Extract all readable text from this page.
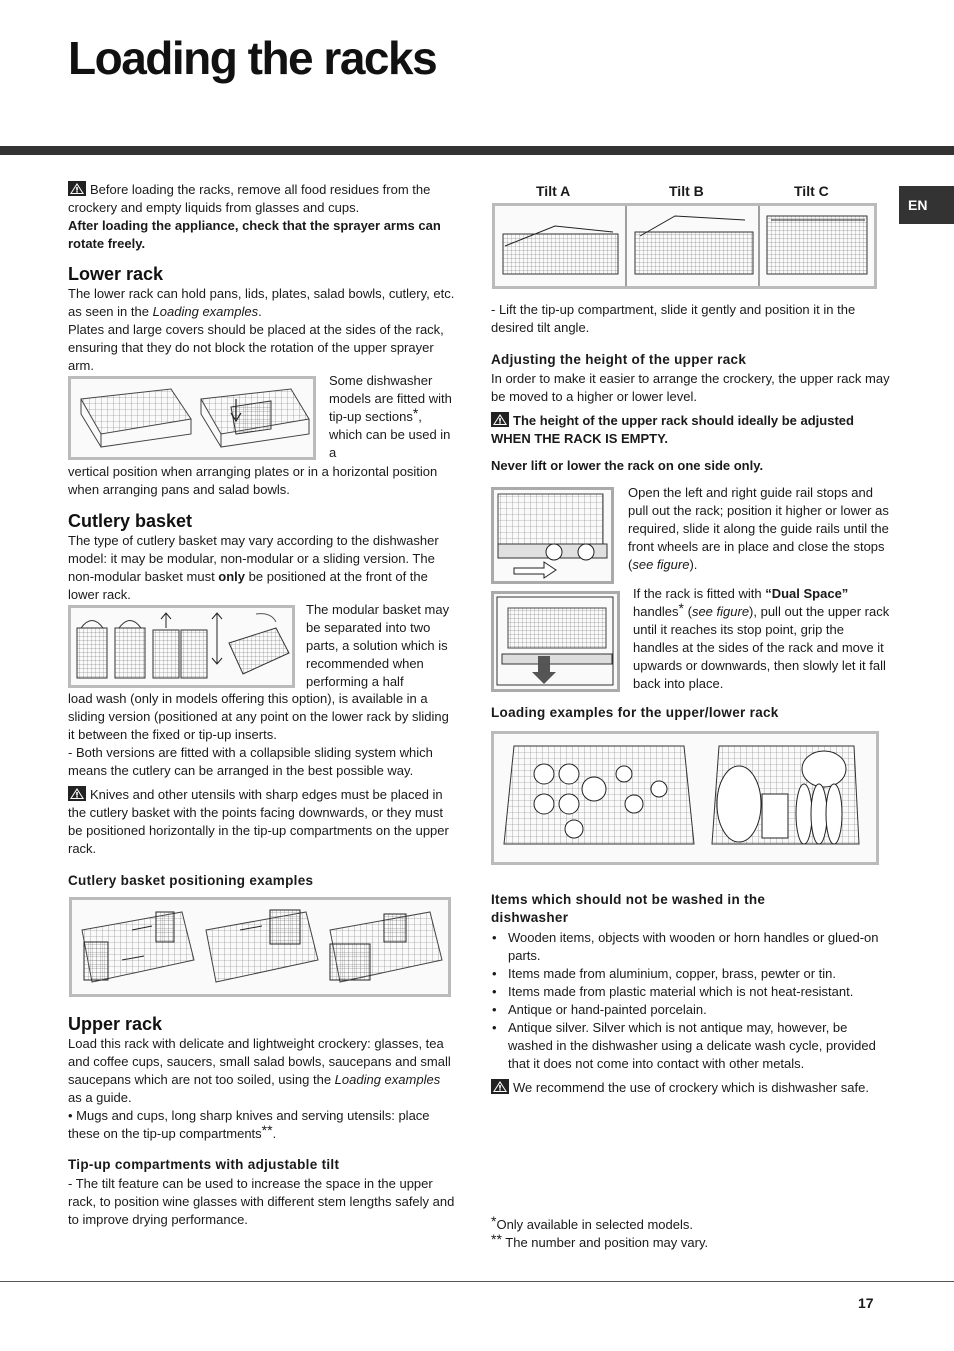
Loading the racks
EN

Before loading the racks, remove all food residues from the crockery and empty liquids from glasses and cups.

After loading the appliance, check that the sprayer arms can rotate freely.

Lower rack

The lower rack can hold pans, lids, plates, salad bowls, cutlery, etc. as seen in the Loading examples.

Plates and large covers should be placed at the sides of the rack, ensuring that they do not block the rotation of the upper sprayer arm.

Some dishwasher models are fitted with tip-up sections*, which can be used in a
vertical position when arranging plates or in a horizontal position when arranging pans and salad bowls.
Cutlery basket
The type of cutlery basket may vary according to the dishwasher model: it may be modular, non-modular or a sliding version. The non-modular basket must only be positioned at the front of the lower rack.
The modular basket may be separated into two parts, a solution which is recommended when performing a half

load wash (only in models offering this option), is available in a sliding version (positioned at any point on the lower rack by sliding it between the fixed or tip-up inserts.

- Both versions are fitted with a collapsible sliding system which means the cutlery can be arranged in the best possible way.

Knives and other utensils with sharp edges must be placed in the cutlery basket with the points facing downwards, or they must be positioned horizontally in the tip-up compartments on the upper rack.
Cutlery basket positioning examples
Upper rack

Load this rack with delicate and lightweight crockery: glasses, tea and coffee cups, saucers, small salad bowls, saucepans and small saucepans which are not too soiled, using the Loading examples as a guide.

• Mugs and cups, long sharp knives and serving utensils: place these on the tip-up compartments**.

Tip-up compartments with adjustable tilt
- The tilt feature can be used to increase the space in the upper rack, to position wine glasses with different stem lengths safely and to improve drying performance.
Tilt A	Tilt B	Tilt C
- Lift the tip-up compartment, slide it gently and position it in the desired tilt angle.
Adjusting the height of the upper rack
In order to make it easier to arrange the crockery, the upper rack may be moved to a higher or lower level.
The height of the upper rack should ideally be adjusted WHEN THE RACK IS EMPTY.
Never lift or lower the rack on one side only.
Open the left and right guide rail stops and pull out the rack; position it higher or lower as required, slide it along the guide rails until the front wheels are in place and close the stops (see figure).
If the rack is fitted with “Dual Space”
handles* (see figure), pull out the upper rack until it reaches its stop point, grip the handles at the sides of the rack and move it upwards or downwards, then slowly let it fall back into place.
Loading examples for the upper/lower rack
Items which should not be washed in the dishwasher
• Wooden items, objects with wooden or horn handles or glued-on parts.
• Items made from aluminium, copper, brass, pewter or tin.
• Items made from plastic material which is not heat-resistant.
• Antique or hand-painted porcelain.
• Antique silver. Silver which is not antique may, however, be washed in the dishwasher using a delicate wash cycle, provided that it does not come into contact with other metals.
We recommend the use of crockery which is dishwasher safe.

*Only available in selected models.

** The number and position may vary.

17
